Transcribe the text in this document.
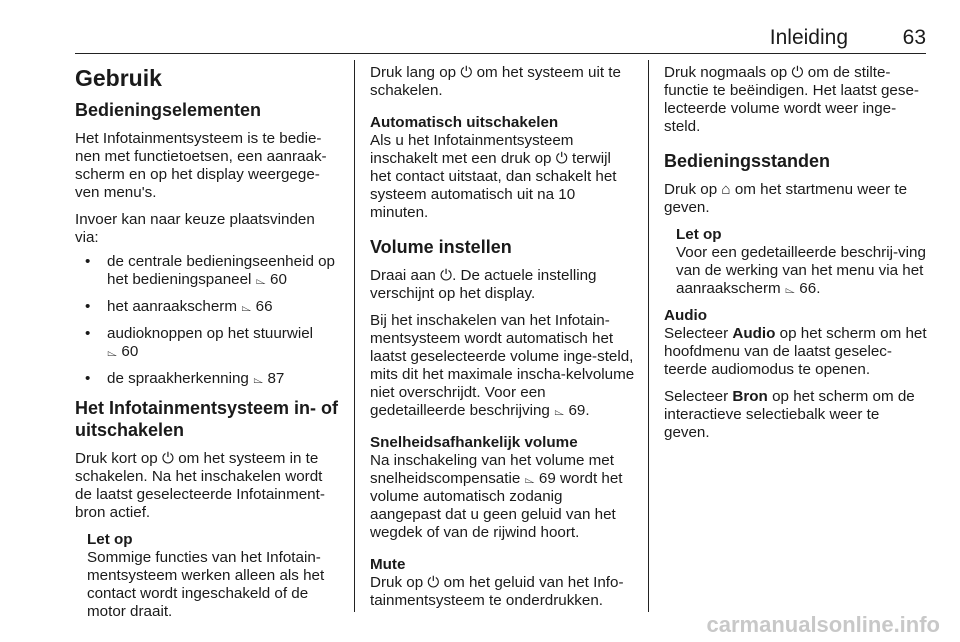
Inleiding	63
Gebruik
Bedieningselementen

Het Infotainmentsysteem is te bedie-nen met functietoetsen, een aanraak-scherm en op het display weergege-ven menu's.

Invoer kan naar keuze plaatsvinden via:

• de centrale bedieningseenheid op het bedieningspaneel ⌳ 60
• het aanraakscherm ⌳ 66
• audioknoppen op het stuurwiel
⌳ 60
• de spraakherkenning ⌳ 87
Het Infotainmentsysteem in- of uitschakelen

Druk kort op ⏻ om het systeem in te schakelen. Na het inschakelen wordt de laatst geselecteerde Infotainment-bron actief.

Let op
Sommige functies van het Infotain-mentsysteem werken alleen als het contact wordt ingeschakeld of de motor draait.

Druk lang op ⏻ om het systeem uit te schakelen.

Automatisch uitschakelen

Als u het Infotainmentsysteem inschakelt met een druk op ⏻ terwijl het contact uitstaat, dan schakelt het systeem automatisch uit na 10 minuten.

Volume instellen

Draai aan ⏻. De actuele instelling verschijnt op het display.

Bij het inschakelen van het Infotain-mentsysteem wordt automatisch het laatst geselecteerde volume inge-steld, mits dit het maximale inscha-kelvolume niet overschrijdt. Voor een gedetailleerde beschrijving ⌳ 69.

Snelheidsafhankelijk volume

Na inschakeling van het volume met snelheidscompensatie ⌳ 69 wordt het volume automatisch zodanig aangepast dat u geen geluid van het wegdek of van de rijwind hoort.

Mute

Druk op ⏻ om het geluid van het Info-tainmentsysteem te onderdrukken.

Druk nogmaals op ⏻ om de stilte-functie te beëindigen. Het laatst gese-lecteerde volume wordt weer inge-steld.

Bedieningsstanden

Druk op ⌂ om het startmenu weer te geven.

Let op
Voor een gedetailleerde beschrij-ving van de werking van het menu via het aanraakscherm ⌳ 66.
Audio

Selecteer Audio op het scherm om het hoofdmenu van de laatst geselec-teerde audiomodus te openen.

Selecteer Bron op het scherm om de interactieve selectiebalk weer te geven.

carmanualsonline.info
